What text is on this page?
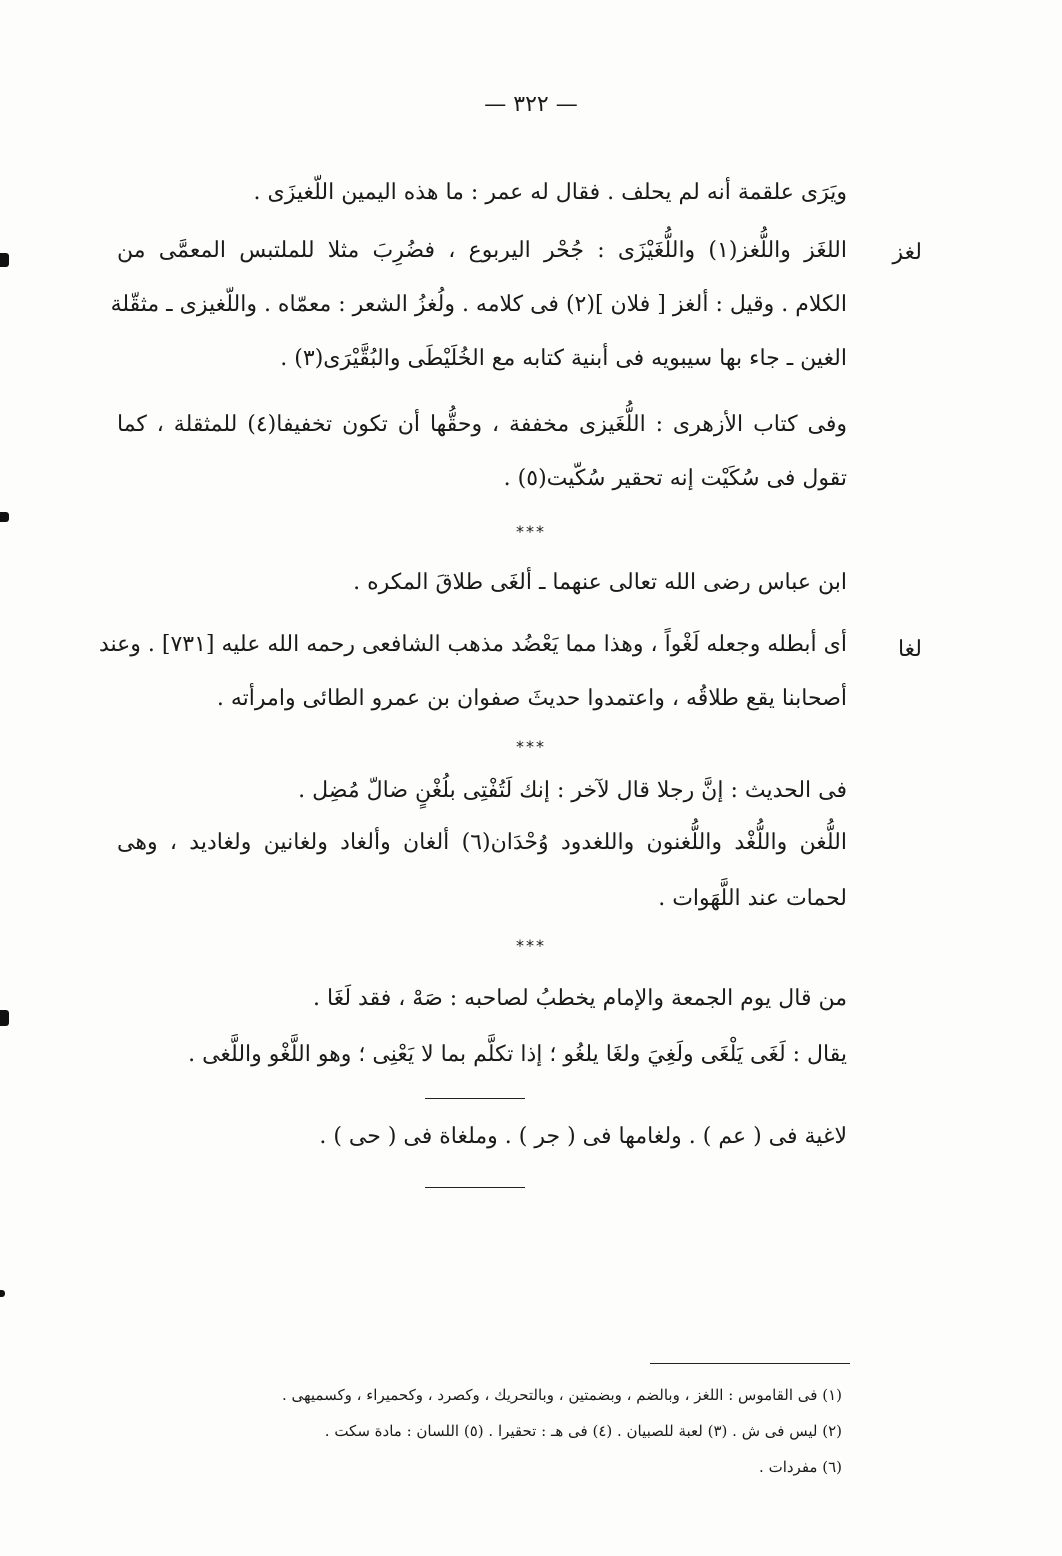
— ٣٢٢ —
ويَرَى علقمة أنه لم يحلف . فقال له عمر : ما هذه اليمين اللّغيزَى .
لغز
اللغَز واللُّغز(١) واللُّغَيْزَى : جُحْر اليربوع ، فضُرِبَ مثلا للملتبس المعمَّى من
الكلام . وقيل : ألغز [ فلان ](٢) فى كلامه . ولُغزُ الشعر : معمّاه . واللّغيزى ـ مثقّلة
الغين ـ جاء بها سيبويه فى أبنية كتابه مع الخُلَيْطَى والبُقَّيْرَى(٣) .
وفى كتاب الأزهرى : اللُّغَيزى مخففة ، وحقُّها أن تكون تخفيفا(٤) للمثقلة ، كما
تقول فى سُكَيْت إنه تحقير سُكّيت(٥) .
***
ابن عباس رضى الله تعالى عنهما ـ ألغَى طلاقَ المكره .
لغا
أى أبطله وجعله لَغْواً ، وهذا مما يَعْضُد مذهب الشافعى رحمه الله عليه [٧٣١] . وعند
أصحابنا يقع طلاقُه ، واعتمدوا حديثَ صفوان بن عمرو الطائى وامرأته .
***
فى الحديث : إنَّ رجلا قال لآخر : إنك لَتُفْتِى بلُغْنٍ ضالّ مُضِل .
اللُّغن واللُّغْد واللُّغنون واللغدود وُحْدَان(٦) ألغان وألغاد ولغانين ولغاديد ، وهى
لحمات عند اللَّهَوات .
***
من قال يوم الجمعة والإمام يخطبُ لصاحبه : صَهْ ، فقد لَغَا .
يقال : لَغَى يَلْغَى ولَغِيَ ولغَا يلغُو ؛ إذا تكلَّم بما لا يَعْنِى ؛ وهو اللَّغْو واللَّغى .
لاغية فى ( عم ) . ولغامها فى ( جر ) . وملغاة فى ( حى ) .
(١) فى القاموس : اللغز ، وبالضم ، وبضمتين ، وبالتحريك ، وكصرد ، وكحميراء ، وكسميهى .
(٢) ليس فى ش . (٣) لعبة للصبيان . (٤) فى هـ : تحقيرا . (٥) اللسان : مادة سكت .
(٦) مفردات .
